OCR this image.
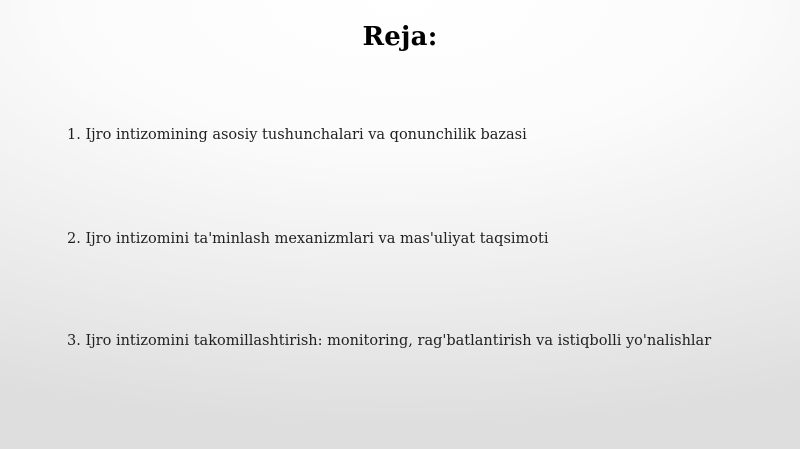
Reja:
1. Ijro intizomining asosiy tushunchalari va qonunchilik bazasi
2. Ijro intizomini ta'minlash mexanizmlari va mas'uliyat taqsimoti
3. Ijro intizomini takomillashtirish: monitoring, rag'batlantirish va istiqbolli yo'nalishlar
